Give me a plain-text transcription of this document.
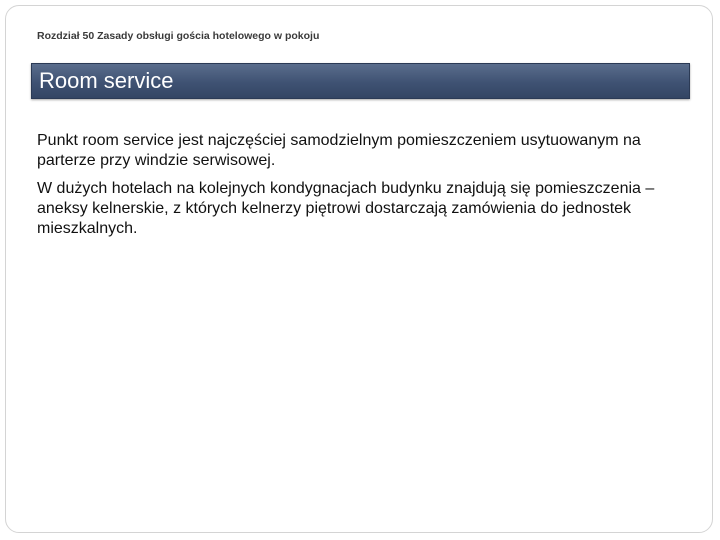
Rozdział 50 Zasady obsługi gościa hotelowego w pokoju
Room service

Punkt room service jest najczęściej samodzielnym pomieszczeniem usytuowanym na parterze przy windzie serwisowej.

W dużych hotelach na kolejnych kondygnacjach budynku znajdują się pomieszczenia – aneksy kelnerskie, z których kelnerzy piętrowi dostarczają zamówienia do jednostek mieszkalnych.
